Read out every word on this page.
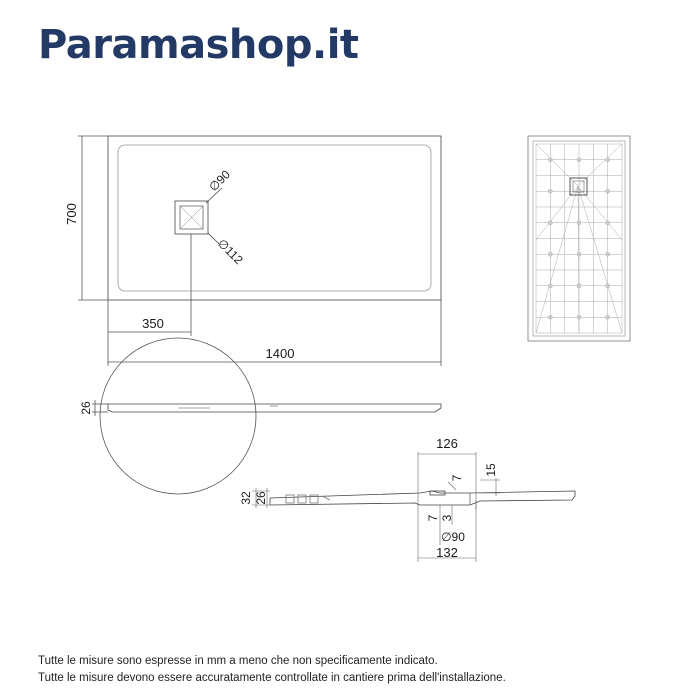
Paramashop.it
700
350
1400
∅90
∅112
26
126
15
7
32 26
7 3
∅90
132
Tutte le misure sono espresse in mm a meno che non specificamente indicato.
Tutte le misure devono essere accuratamente controllate in cantiere prima dell'installazione.
